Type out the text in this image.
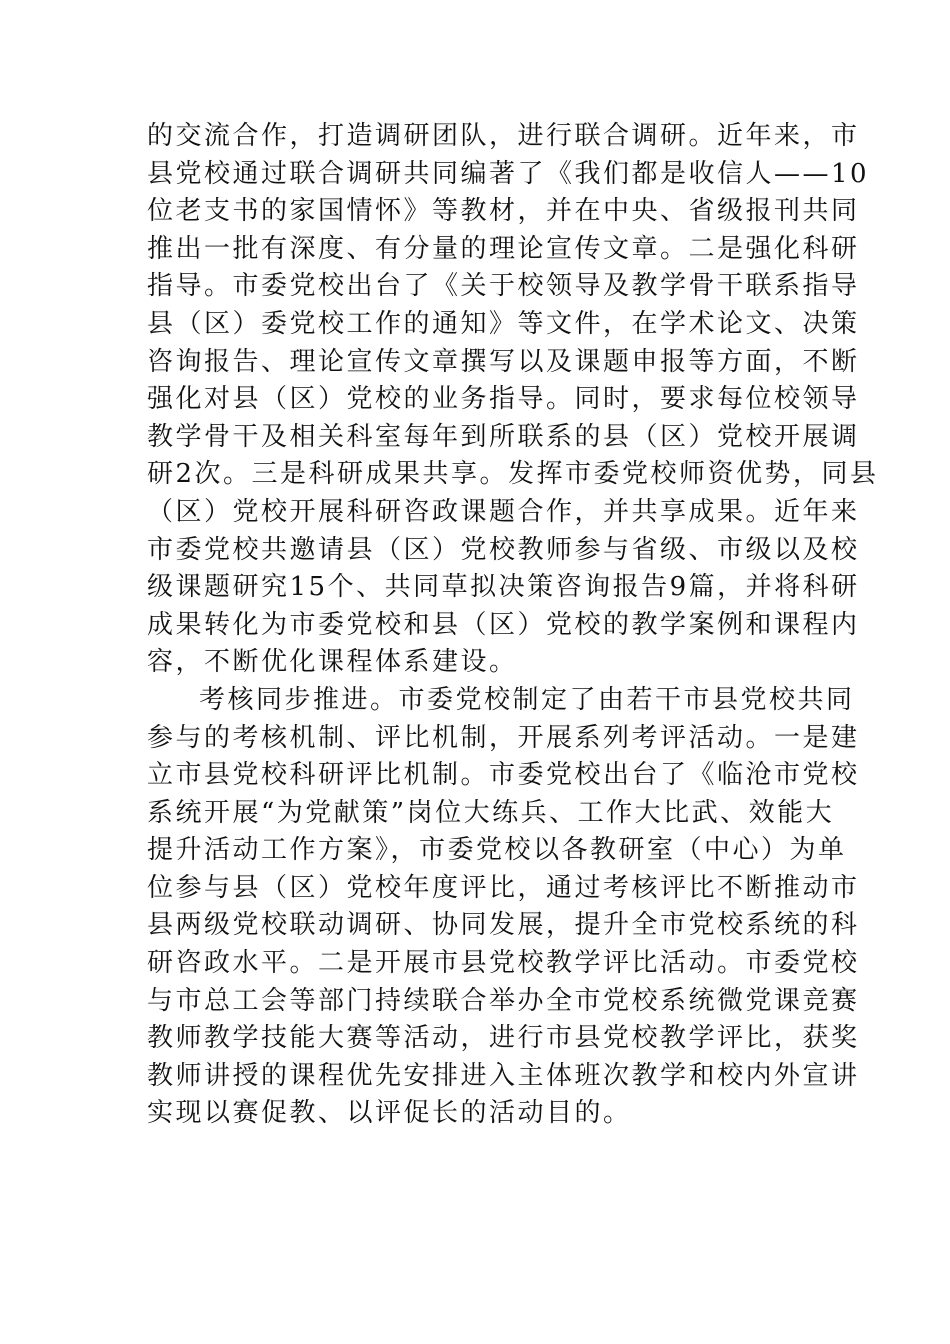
的交流合作，打造调研团队，进行联合调研。近年来，市
县党校通过联合调研共同编著了《我们都是收信人——10
位老支书的家国情怀》等教材，并在中央、省级报刊共同
推出一批有深度、有分量的理论宣传文章。二是强化科研
指导。市委党校出台了《关于校领导及教学骨干联系指导
县（区）委党校工作的通知》等文件，在学术论文、决策
咨询报告、理论宣传文章撰写以及课题申报等方面，不断
强化对县（区）党校的业务指导。同时，要求每位校领导
教学骨干及相关科室每年到所联系的县（区）党校开展调
研2次。三是科研成果共享。发挥市委党校师资优势，同县
（区）党校开展科研咨政课题合作，并共享成果。近年来
市委党校共邀请县（区）党校教师参与省级、市级以及校
级课题研究15个、共同草拟决策咨询报告9篇，并将科研
成果转化为市委党校和县（区）党校的教学案例和课程内
容，不断优化课程体系建设。
考核同步推进。市委党校制定了由若干市县党校共同
参与的考核机制、评比机制，开展系列考评活动。一是建
立市县党校科研评比机制。市委党校出台了《临沧市党校
系统开展“为党献策”岗位大练兵、工作大比武、效能大
提升活动工作方案》，市委党校以各教研室（中心）为单
位参与县（区）党校年度评比，通过考核评比不断推动市
县两级党校联动调研、协同发展，提升全市党校系统的科
研咨政水平。二是开展市县党校教学评比活动。市委党校
与市总工会等部门持续联合举办全市党校系统微党课竞赛
教师教学技能大赛等活动，进行市县党校教学评比，获奖
教师讲授的课程优先安排进入主体班次教学和校内外宣讲
实现以赛促教、以评促长的活动目的。
